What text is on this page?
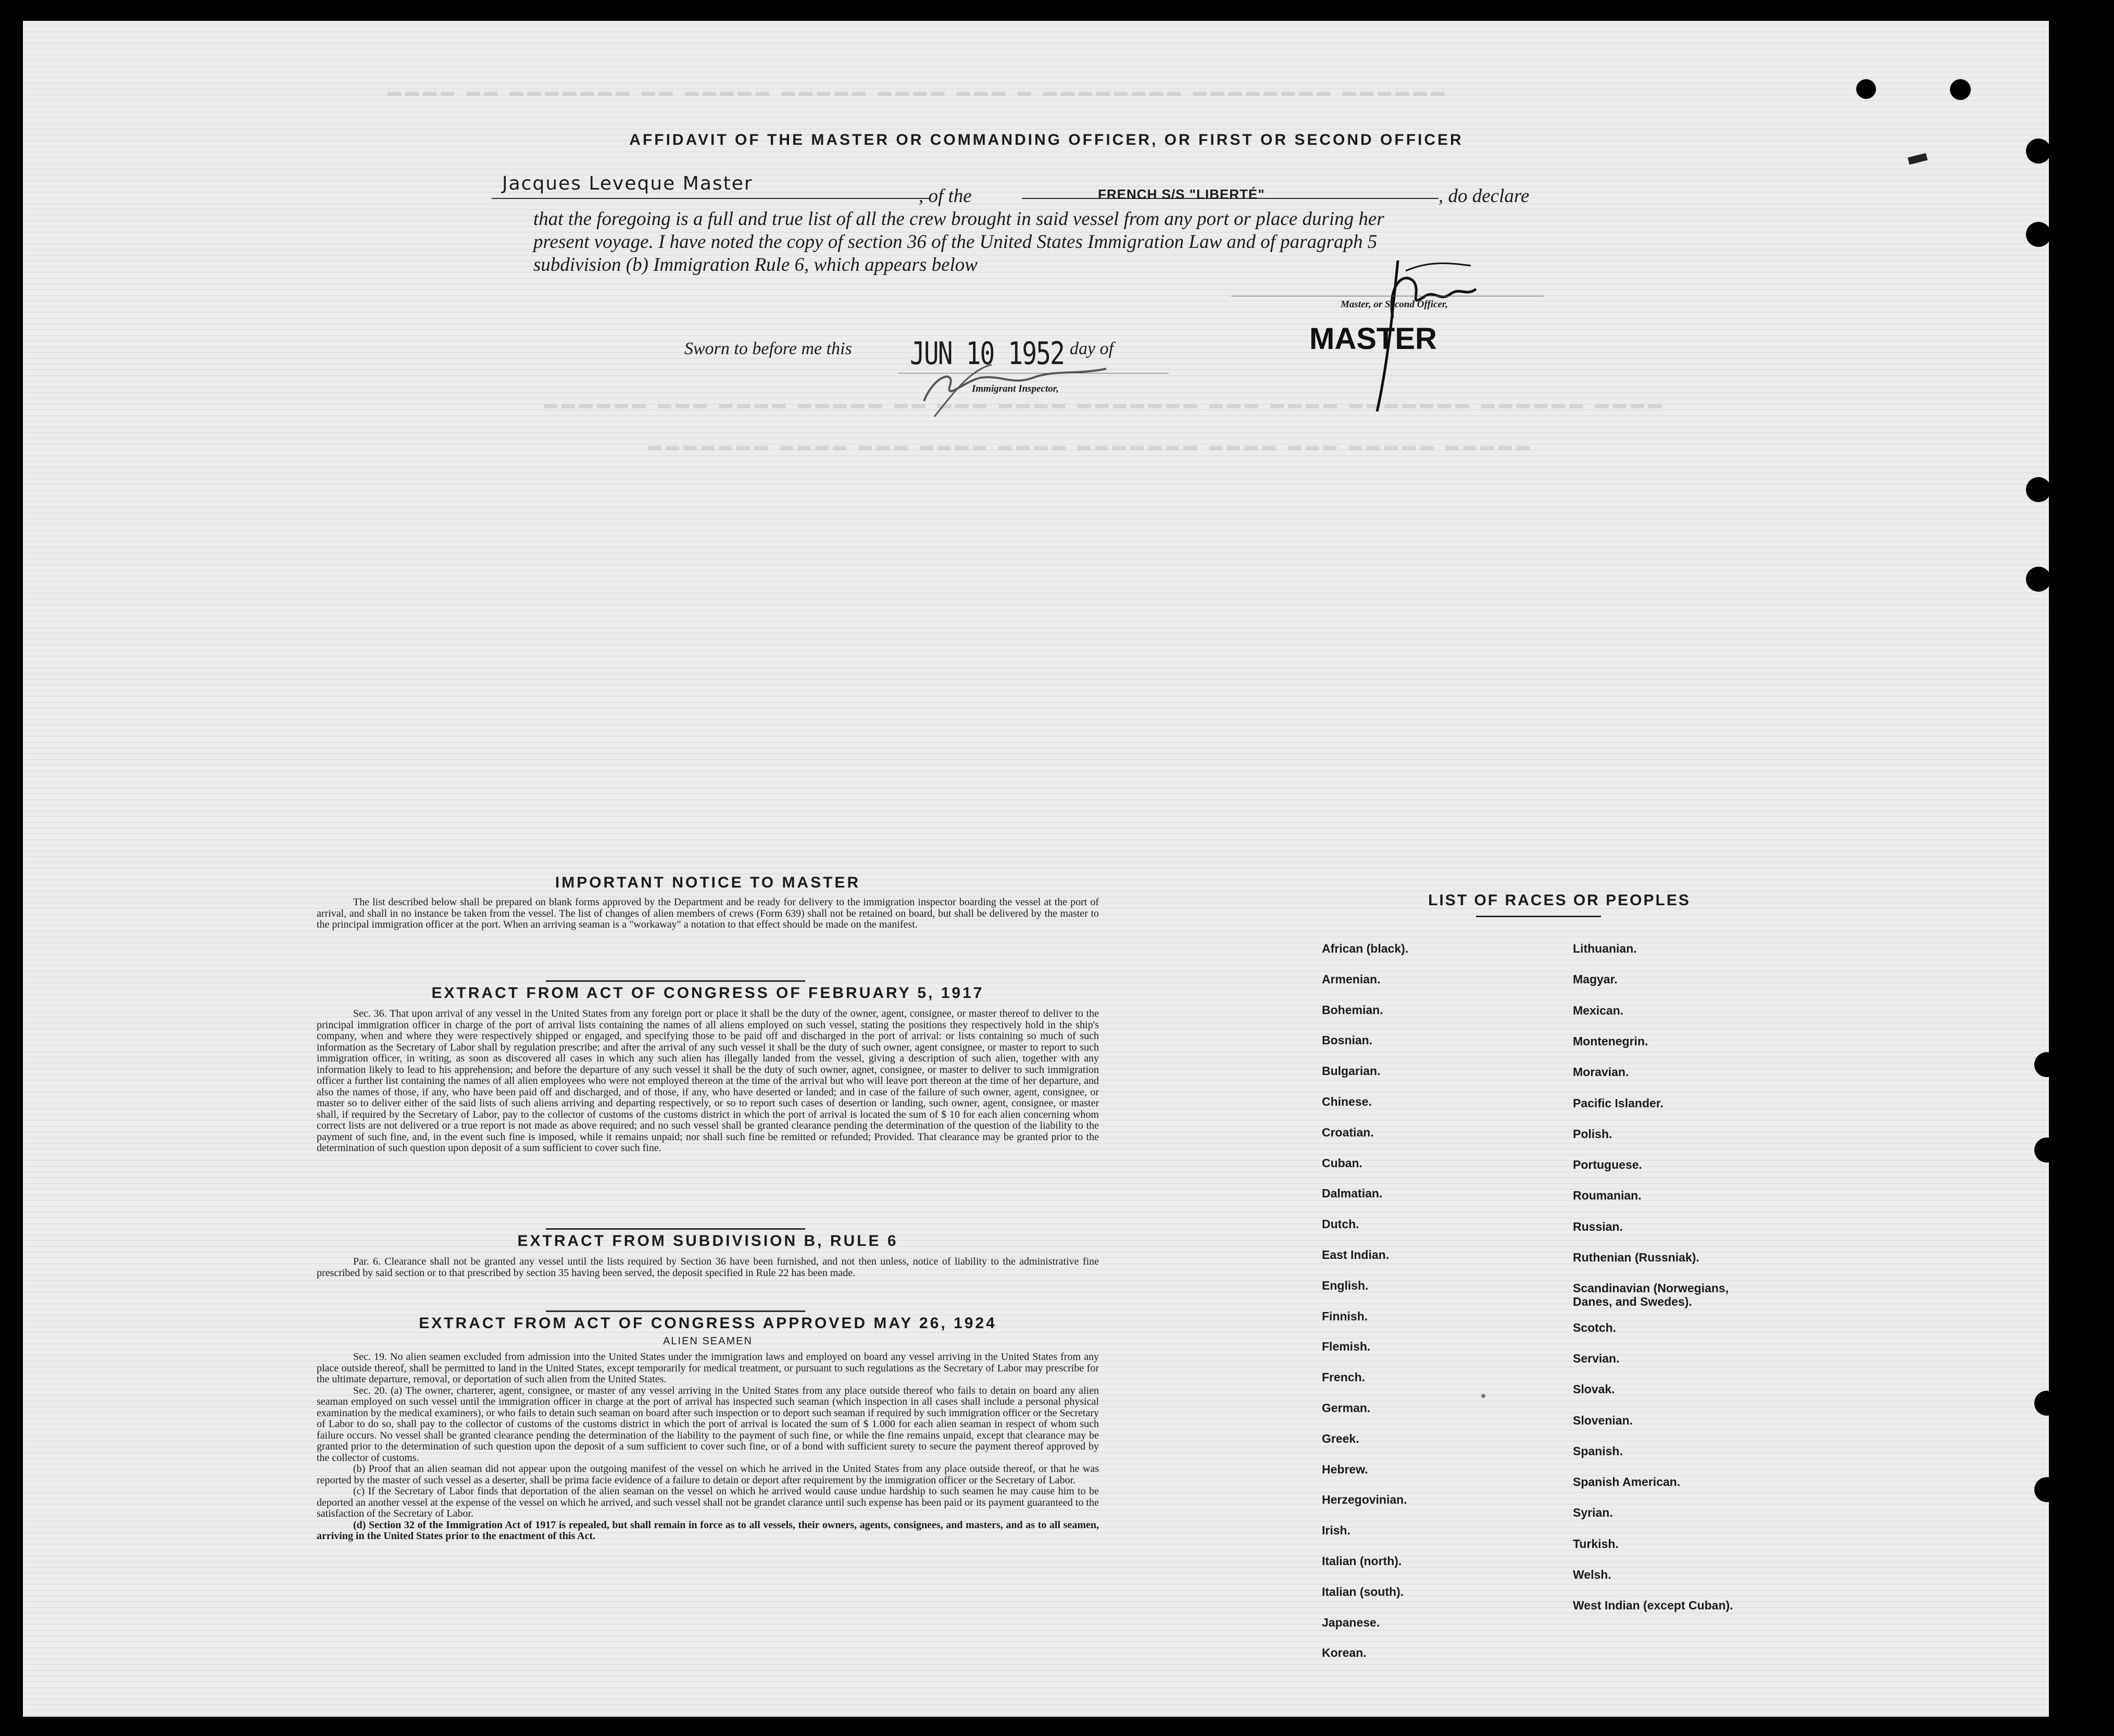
▬▬▬▬ ▬▬ ▬▬▬▬▬▬▬ ▬▬ ▬▬▬▬▬ ▬▬▬▬▬ ▬▬▬▬ ▬▬▬ ▬ ▬▬▬▬▬▬▬▬ ▬▬▬▬▬▬▬▬ ▬▬▬▬▬▬
▬▬▬▬▬▬ ▬▬▬ ▬▬▬▬ ▬▬▬▬▬ ▬▬ ▬▬▬ ▬▬▬▬ ▬▬▬▬▬▬▬ ▬▬▬ ▬▬▬▬ ▬▬▬▬▬▬▬ ▬▬▬▬▬▬ ▬▬▬▬
▬▬▬▬▬▬▬ ▬▬▬▬ ▬▬▬ ▬▬▬▬ ▬▬▬▬ ▬▬▬▬▬▬▬ ▬▬▬▬ ▬▬▬ ▬▬▬▬▬ ▬▬▬▬▬
AFFIDAVIT OF THE MASTER OR COMMANDING OFFICER, OR FIRST OR SECOND OFFICER
Jacques Leveque Master
, of the	FRENCH S/S "LIBERTÉ"	, do declare
that the foregoing is a full and true list of all the crew brought in said vessel from any port or place during her
present voyage. I have noted the copy of section 36 of the United States Immigration Law and of paragraph 5
subdivision (b) Immigration Rule 6, which appears below
Master, or Second Officer,
MASTER
Sworn to before me this JUN 10 1952 day of
Immigrant Inspector,
IMPORTANT NOTICE TO MASTER

The list described below shall be prepared on blank forms approved by the Department and be ready for delivery to the immigration inspector boarding the vessel at the port of arrival, and shall in no instance be taken from the vessel. The list of changes of alien members of crews (Form 639) shall not be retained on board, but shall be delivered by the master to the principal immigration officer at the port. When an arriving seaman is a "workaway" a notation to that effect should be made on the manifest.

EXTRACT FROM ACT OF CONGRESS OF FEBRUARY 5, 1917

Sec. 36. That upon arrival of any vessel in the United States from any foreign port or place it shall be the duty of the owner, agent, consignee, or master thereof to deliver to the principal immigration officer in charge of the port of arrival lists containing the names of all aliens employed on such vessel, stating the positions they respectively hold in the ship's company, when and where they were respectively shipped or engaged, and specifying those to be paid off and discharged in the port of arrival: or lists containing so much of such information as the Secretary of Labor shall by regulation prescribe; and after the arrival of any such vessel it shall be the duty of such owner, agent consignee, or master to report to such immigration officer, in writing, as soon as discovered all cases in which any such alien has illegally landed from the vessel, giving a description of such alien, together with any information likely to lead to his apprehension; and before the departure of any such vessel it shall be the duty of such owner, agnet, consignee, or master to deliver to such immigration officer a further list containing the names of all alien employees who were not employed thereon at the time of the arrival but who will leave port thereon at the time of her departure, and also the names of those, if any, who have been paid off and discharged, and of those, if any, who have deserted or landed; and in case of the failure of such owner, agent, consignee, or master so to deliver either of the said lists of such aliens arriving and departing respectively, or so to report such cases of desertion or landing, such owner, agent, consignee, or master shall, if required by the Secretary of Labor, pay to the collector of customs of the customs district in which the port of arrival is located the sum of $ 10 for each alien concerning whom correct lists are not delivered or a true report is not made as above required; and no such vessel shall be granted clearance pending the determination of the question of the liability to the payment of such fine, and, in the event such fine is imposed, while it remains unpaid; nor shall such fine be remitted or refunded; Provided. That clearance may be granted prior to the determination of such question upon deposit of a sum sufficient to cover such fine.

EXTRACT FROM SUBDIVISION B, RULE 6

Par. 6. Clearance shall not be granted any vessel until the lists required by Section 36 have been furnished, and not then unless, notice of liability to the administrative fine prescribed by said section or to that prescribed by section 35 having been served, the deposit specified in Rule 22 has been made.

EXTRACT FROM ACT OF CONGRESS APPROVED MAY 26, 1924
ALIEN SEAMEN

Sec. 19. No alien seamen excluded from admission into the United States under the immigration laws and employed on board any vessel arriving in the United States from any place outside thereof, shall be permitted to land in the United States, except temporarily for medical treatment, or pursuant to such regulations as the Secretary of Labor may prescribe for the ultimate departure, removal, or deportation of such alien from the United States.

Sec. 20. (a) The owner, charterer, agent, consignee, or master of any vessel arriving in the United States from any place outside thereof who fails to detain on board any alien seaman employed on such vessel until the immigration officer in charge at the port of arrival has inspected such seaman (which inspection in all cases shall include a personal physical examination by the medical examiners), or who fails to detain such seaman on board after such inspection or to deport such seaman if required by such immigration officer or the Secretary of Labor to do so, shall pay to the collector of customs of the customs district in which the port of arrival is located the sum of $ 1.000 for each alien seaman in respect of whom such failure occurs. No vessel shall be granted clearance pending the determination of the liability to the payment of such fine, or while the fine remains unpaid, except that clearance may be granted prior to the determination of such question upon the deposit of a sum sufficient to cover such fine, or of a bond with sufficient surety to secure the payment thereof approved by the collector of customs.

(b) Proof that an alien seaman did not appear upon the outgoing manifest of the vessel on which he arrived in the United States from any place outside thereof, or that he was reported by the master of such vessel as a deserter, shall be prima facie evidence of a failure to detain or deport after requirement by the immigration officer or the Secretary of Labor.

(c) If the Secretary of Labor finds that deportation of the alien seaman on the vessel on which he arrived would cause undue hardship to such seamen he may cause him to be deported an another vessel at the expense of the vessel on which he arrived, and such vessel shall not be grandet clarance until such expense has been paid or its payment guaranteed to the satisfaction of the Secretary of Labor.

(d) Section 32 of the Immigration Act of 1917 is repealed, but shall remain in force as to all vessels, their owners, agents, consignees, and masters, and as to all seamen, arriving in the United States prior to the enactment of this Act.

LIST OF RACES OR PEOPLES
African (black).
Armenian.
Bohemian.
Bosnian.
Bulgarian.
Chinese.
Croatian.
Cuban.
Dalmatian.
Dutch.
East Indian.
English.
Finnish.
Flemish.
French.
German.
Greek.
Hebrew.
Herzegovinian.
Irish.
Italian (north).
Italian (south).
Japanese.
Korean.
Lithuanian.
Magyar.
Mexican.
Montenegrin.
Moravian.
Pacific Islander.
Polish.
Portuguese.
Roumanian.
Russian.
Ruthenian (Russniak).
Scandinavian (Norwegians, Danes, and Swedes).
Scotch.
Servian.
Slovak.
Slovenian.
Spanish.
Spanish American.
Syrian.
Turkish.
Welsh.
West Indian (except Cuban).
